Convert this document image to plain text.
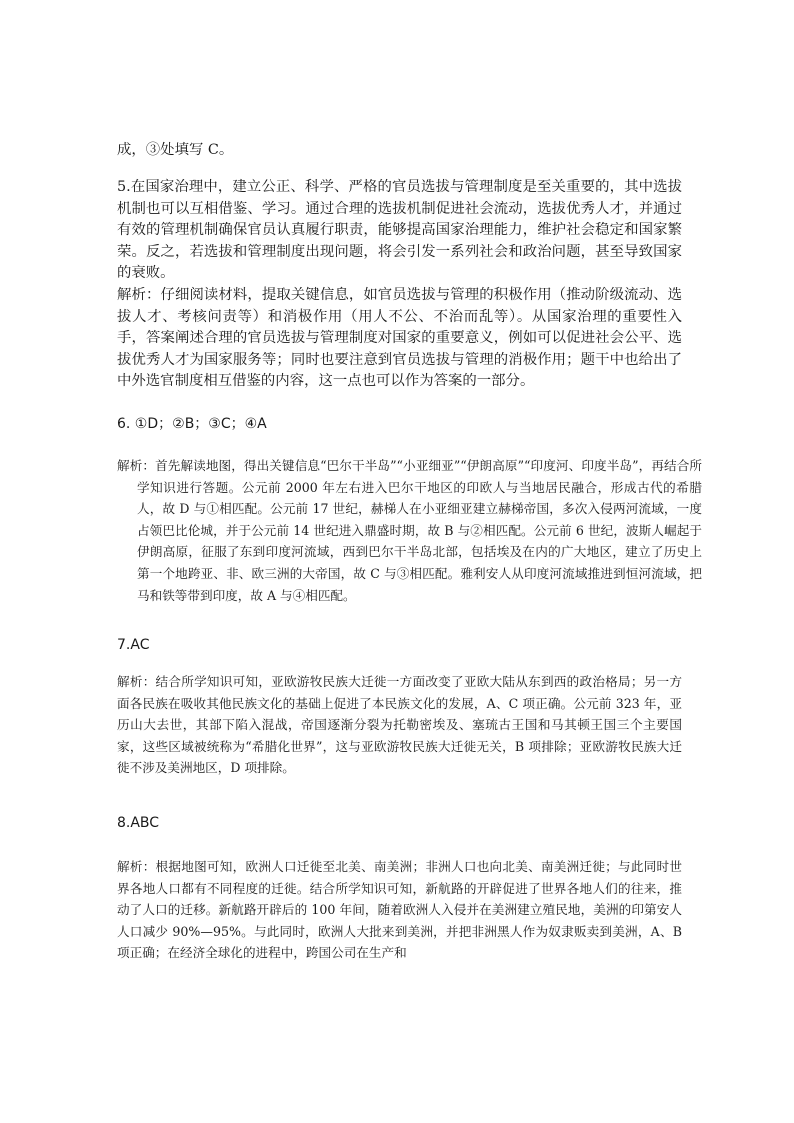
成，③处填写 C。

5.在国家治理中，建立公正、科学、严格的官员选拔与管理制度是至关重要的，其中选拔机制也可以互相借鉴、学习。通过合理的选拔机制促进社会流动，选拔优秀人才，并通过有效的管理机制确保官员认真履行职责，能够提高国家治理能力，维护社会稳定和国家繁荣。反之，若选拔和管理制度出现问题，将会引发一系列社会和政治问题，甚至导致国家的衰败。

解析：仔细阅读材料，提取关键信息，如官员选拔与管理的积极作用（推动阶级流动、选拔人才、考核问责等）和消极作用（用人不公、不治而乱等）。从国家治理的重要性入手，答案阐述合理的官员选拔与管理制度对国家的重要意义，例如可以促进社会公平、选拔优秀人才为国家服务等；同时也要注意到官员选拔与管理的消极作用；题干中也给出了中外选官制度相互借鉴的内容，这一点也可以作为答案的一部分。

6. ①D；②B；③C；④A

解析：首先解读地图，得出关键信息“巴尔干半岛”“小亚细亚”“伊朗高原”“印度河、印度半岛”，再结合所学知识进行答题。公元前 2000 年左右进入巴尔干地区的印欧人与当地居民融合，形成古代的希腊人，故 D 与①相匹配。公元前 17 世纪，赫梯人在小亚细亚建立赫梯帝国，多次入侵两河流域，一度占领巴比伦城，并于公元前 14 世纪进入鼎盛时期，故 B 与②相匹配。公元前 6 世纪，波斯人崛起于伊朗高原，征服了东到印度河流域，西到巴尔干半岛北部，包括埃及在内的广大地区，建立了历史上第一个地跨亚、非、欧三洲的大帝国，故 C 与③相匹配。雅利安人从印度河流域推进到恒河流域，把马和铁等带到印度，故 A 与④相匹配。

7.AC

解析：结合所学知识可知，亚欧游牧民族大迁徙一方面改变了亚欧大陆从东到西的政治格局；另一方面各民族在吸收其他民族文化的基础上促进了本民族文化的发展，A、C 项正确。公元前 323 年，亚历山大去世，其部下陷入混战，帝国逐渐分裂为托勒密埃及、塞琉古王国和马其顿王国三个主要国家，这些区域被统称为“希腊化世界”，这与亚欧游牧民族大迁徙无关，B 项排除；亚欧游牧民族大迁徙不涉及美洲地区，D 项排除。

8.ABC

解析：根据地图可知，欧洲人口迁徙至北美、南美洲；非洲人口也向北美、南美洲迁徙；与此同时世界各地人口都有不同程度的迁徙。结合所学知识可知，新航路的开辟促进了世界各地人们的往来，推动了人口的迁移。新航路开辟后的 100 年间，随着欧洲人入侵并在美洲建立殖民地，美洲的印第安人人口减少 90%—95%。与此同时，欧洲人大批来到美洲，并把非洲黑人作为奴隶贩卖到美洲，A、B 项正确；在经济全球化的进程中，跨国公司在生产和
